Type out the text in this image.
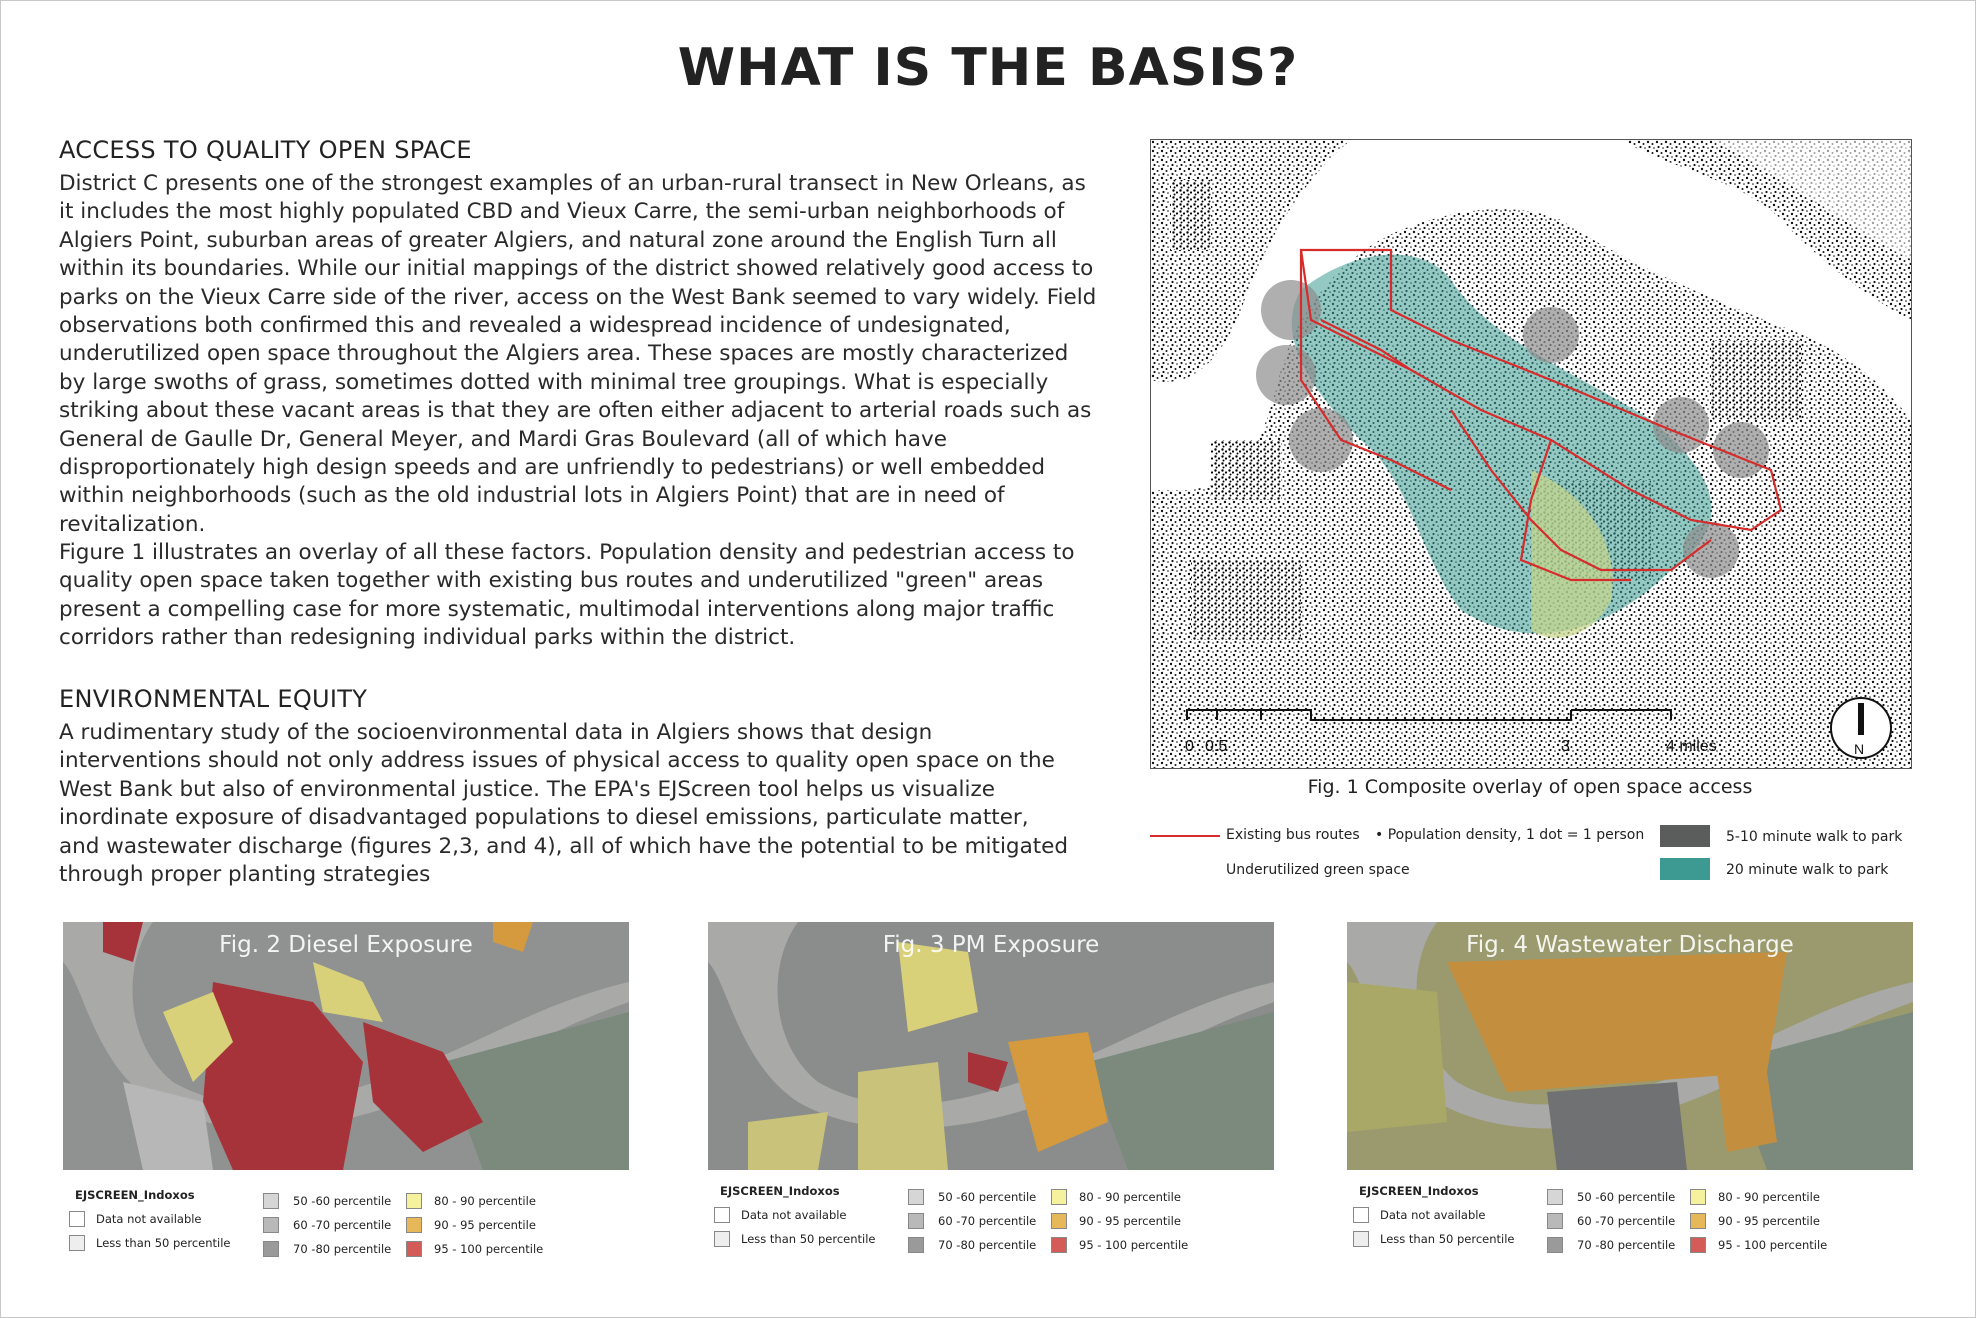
WHAT IS THE BASIS?
ACCESS TO QUALITY OPEN SPACE
District C presents one of the strongest examples of an urban-rural transect in New Orleans, as it includes the most highly populated CBD and Vieux Carre, the semi-urban neighborhoods of Algiers Point, suburban areas of greater Algiers, and natural zone around the English Turn all within its boundaries. While our initial mappings of the district showed relatively good access to parks on the Vieux Carre side of the river, access on the West Bank seemed to vary widely. Field observations both confirmed this and revealed a widespread incidence of undesignated, underutilized open space throughout the Algiers area. These spaces are mostly characterized by large swoths of grass, sometimes dotted with minimal tree groupings. What is especially striking about these vacant areas is that they are often either adjacent to arterial roads such as General de Gaulle Dr, General Meyer, and Mardi Gras Boulevard (all of which have disproportionately high design speeds and are unfriendly to pedestrians) or well embedded within neighborhoods (such as the old industrial lots in Algiers Point) that are in need of revitalization.
Figure 1 illustrates an overlay of all these factors. Population density and pedestrian access to quality open space taken together with existing bus routes and underutilized "green" areas present a compelling case for more systematic, multimodal interventions along major traffic corridors rather than redesigning individual parks within the district.
ENVIRONMENTAL EQUITY
A rudimentary study of the socioenvironmental data in Algiers shows that design interventions should not only address issues of physical access to quality open space on the West Bank but also of environmental justice. The EPA's EJScreen tool helps us visualize inordinate exposure of disadvantaged populations to diesel emissions, particulate matter, and wastewater discharge (figures 2,3, and 4), all of which have the potential to be mitigated through proper planting strategies
0 0.5	3	4 miles	N
Fig. 1 Composite overlay of open space access
Existing bus routes • Population density, 1 dot = 1 person
Underutilized green space
5-10 minute walk to park
20 minute walk to park
Fig. 2 Diesel Exposure	Fig. 3 PM Exposure	Fig. 4 Wastewater Discharge
EJSCREEN_Indoxos
Data not available
Less than 50 percentile
50 -60 percentile
60 -70 percentile
70 -80 percentile
80 - 90 percentile
90 - 95 percentile
95 - 100 percentile
EJSCREEN_Indoxos
Data not available
Less than 50 percentile
50 -60 percentile
60 -70 percentile
70 -80 percentile
80 - 90 percentile
90 - 95 percentile
95 - 100 percentile
EJSCREEN_Indoxos
Data not available
Less than 50 percentile
50 -60 percentile
60 -70 percentile
70 -80 percentile
80 - 90 percentile
90 - 95 percentile
95 - 100 percentile
